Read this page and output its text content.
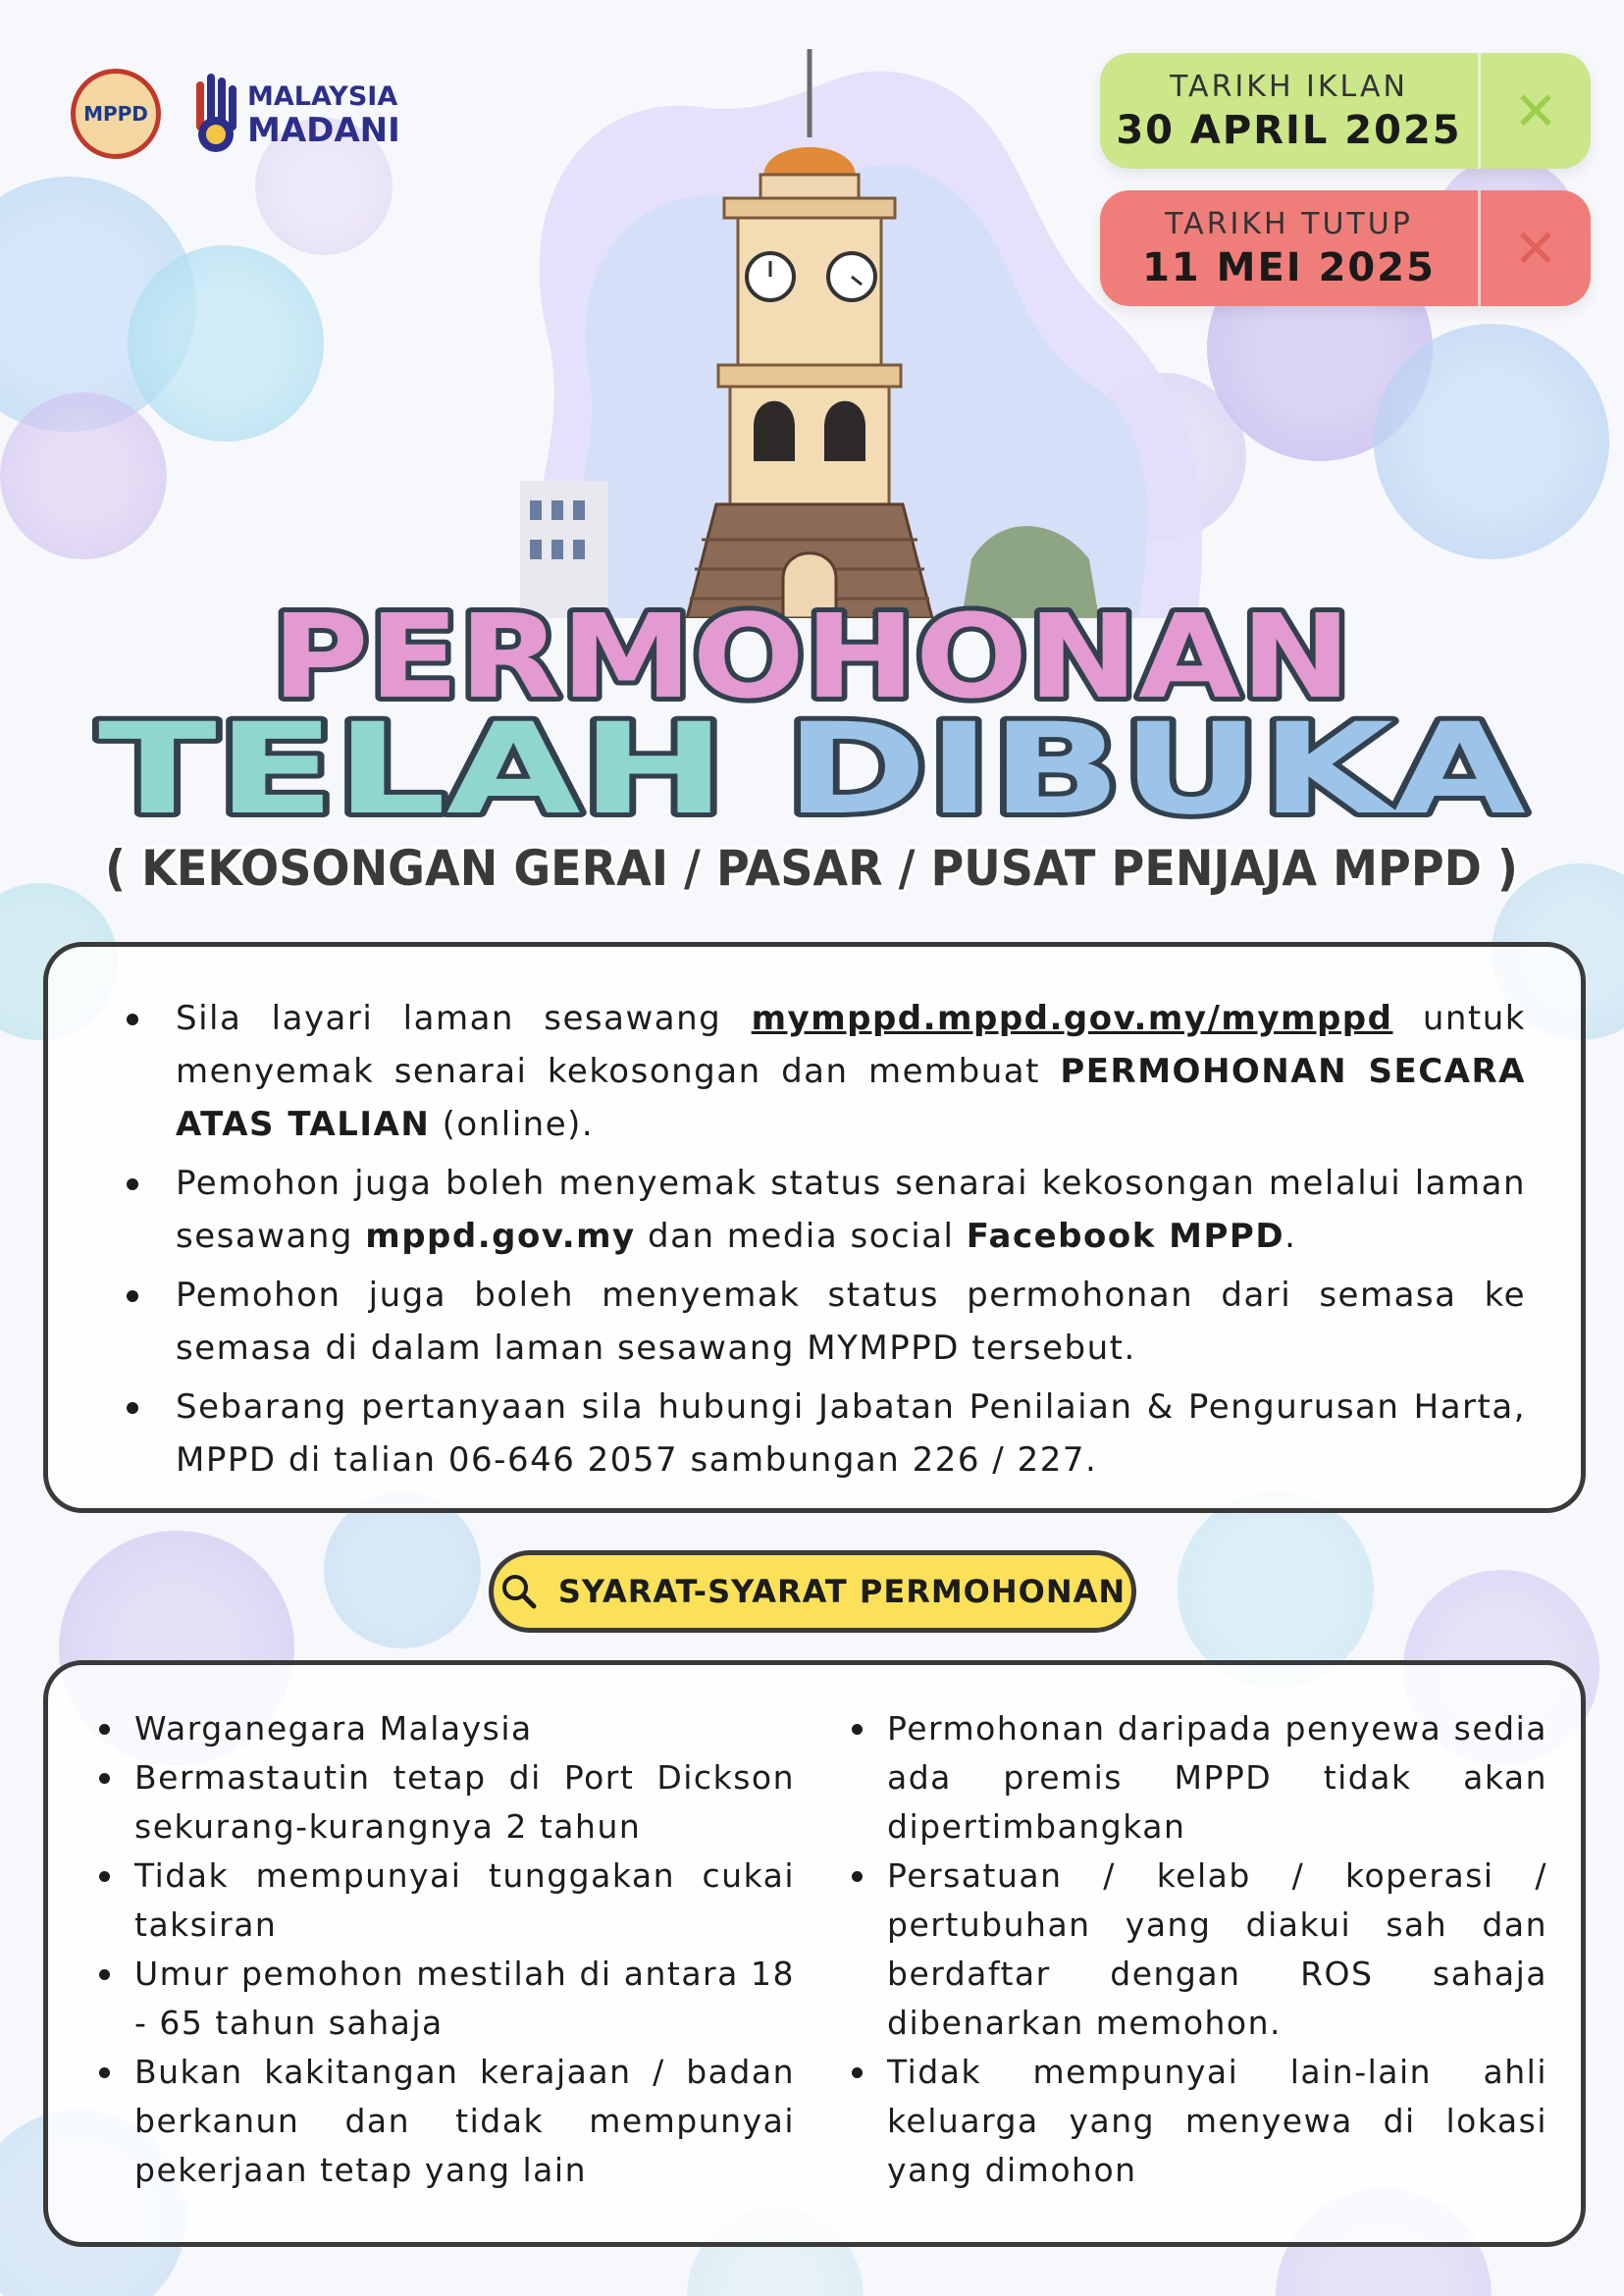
MPPD
MALAYSIA
MADANI
TARIKH IKLAN
30 APRIL 2025 ✕
TARIKH TUTUP
11 MEI 2025	✕
PERMOHONAN
TELAH DIBUKA
( KEKOSONGAN GERAI / PASAR / PUSAT PENJAJA MPPD )
Sila layari laman sesawang mymppd.mppd.gov.my/mymppd untuk menyemak senarai kekosongan dan membuat PERMOHONAN SECARA ATAS TALIAN (online).
Pemohon juga boleh menyemak status senarai kekosongan melalui laman sesawang mppd.gov.my dan media social Facebook MPPD.
Pemohon juga boleh menyemak status permohonan dari semasa ke semasa di dalam laman sesawang MYMPPD tersebut.
Sebarang pertanyaan sila hubungi Jabatan Penilaian & Pengurusan Harta, MPPD di talian 06-646 2057 sambungan 226 / 227.
SYARAT-SYARAT PERMOHONAN
Warganegara Malaysia
Bermastautin tetap di Port Dickson sekurang-kurangnya 2 tahun
Tidak mempunyai tunggakan cukai taksiran
Umur pemohon mestilah di antara 18 - 65 tahun sahaja
Bukan kakitangan kerajaan / badan berkanun dan tidak mempunyai pekerjaan tetap yang lain
Permohonan daripada penyewa sedia ada premis MPPD tidak akan dipertimbangkan
Persatuan / kelab / koperasi / pertubuhan yang diakui sah dan berdaftar dengan ROS sahaja dibenarkan memohon.
Tidak mempunyai lain-lain ahli keluarga yang menyewa di lokasi yang dimohon
